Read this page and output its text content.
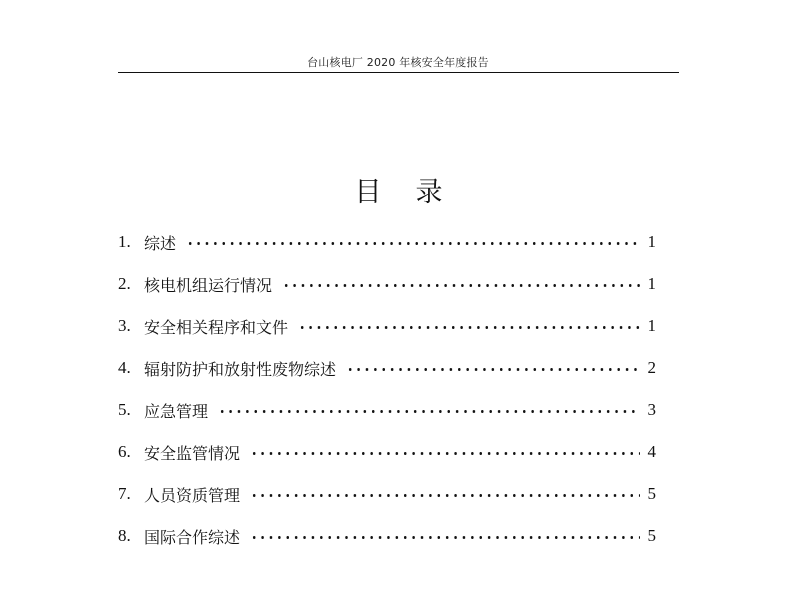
台山核电厂 2020 年核安全年度报告
目 录
1. 综述	1
2. 核电机组运行情况	1
3. 安全相关程序和文件	1
4. 辐射防护和放射性废物综述	2
5. 应急管理	3
6. 安全监管情况	4
7. 人员资质管理	5
8. 国际合作综述	5
